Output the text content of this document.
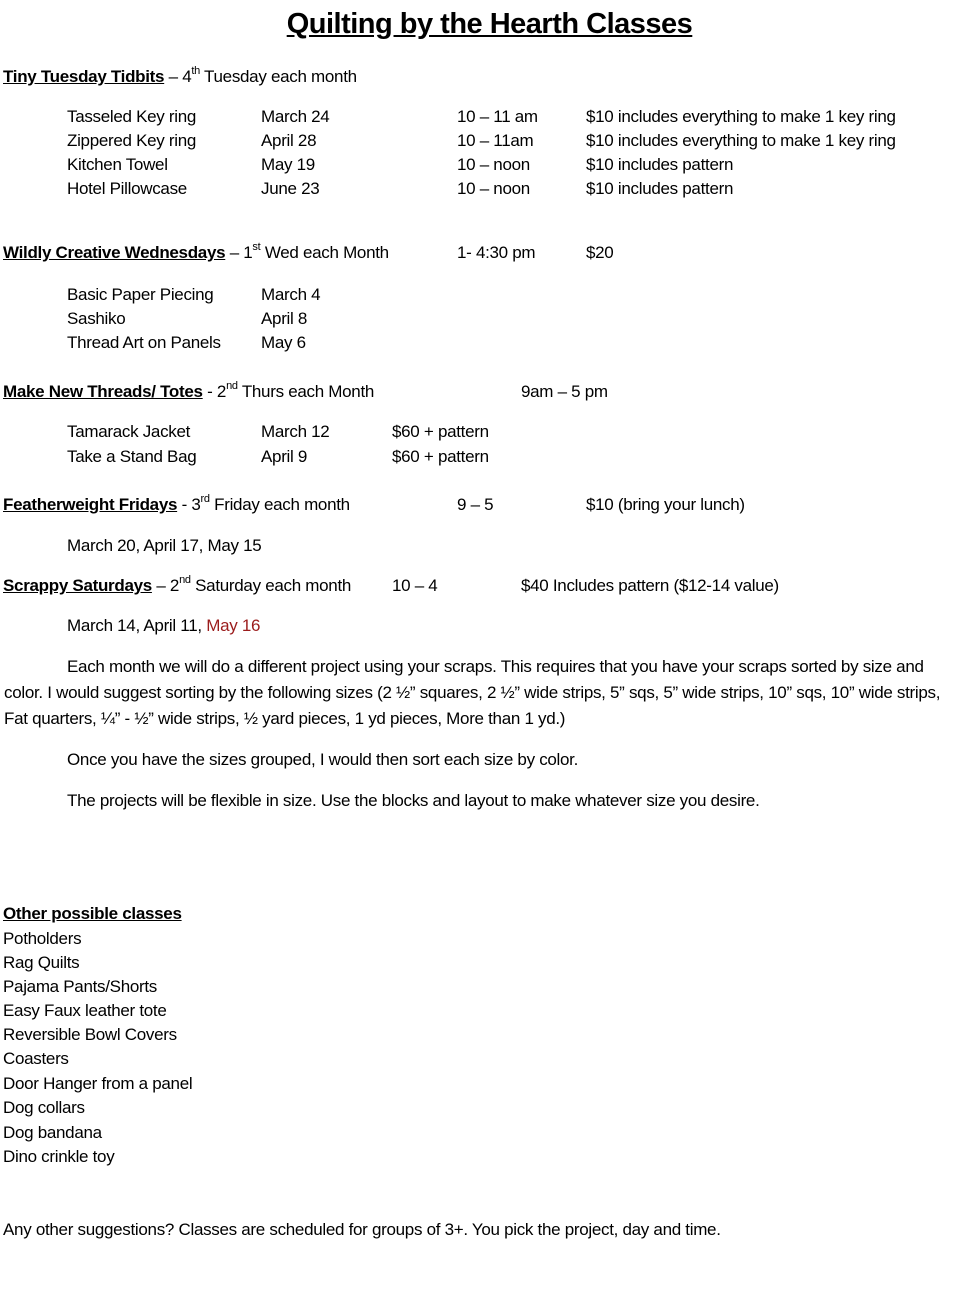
Quilting by the Hearth Classes
Tiny Tuesday Tidbits – 4th Tuesday each month
Tasseled Key ring	March 24	10 – 11 am	$10 includes everything to make 1 key ring
Zippered Key ring	April 28	10 – 11am	$10 includes everything to make 1 key ring
Kitchen Towel	May 19	10 – noon	$10 includes pattern
Hotel Pillowcase	June 23	10 – noon	$10 includes pattern
Wildly Creative Wednesdays – 1st Wed each Month	1- 4:30 pm	$20
Basic Paper Piecing	March 4
Sashiko	April 8
Thread Art on Panels May 6
Make New Threads/ Totes - 2nd Thurs each Month	9am – 5 pm
Tamarack Jacket	March 12	$60 + pattern
Take a Stand Bag	April 9	$60 + pattern
Featherweight Fridays - 3rd Friday each month	9 – 5	$10 (bring your lunch)
March 20, April 17, May 15
Scrappy Saturdays – 2nd Saturday each month 10 – 4	$40 Includes pattern ($12-14 value)
March 14, April 11, May 16
Each month we will do a different project using your scraps. This requires that you have your scraps sorted by size and color. I would suggest sorting by the following sizes (2 ½” squares, 2 ½” wide strips, 5” sqs, 5” wide strips, 10” sqs, 10” wide strips, Fat quarters, ¼” - ½” wide strips, ½ yard pieces, 1 yd pieces, More than 1 yd.)
Once you have the sizes grouped, I would then sort each size by color.
The projects will be flexible in size. Use the blocks and layout to make whatever size you desire.
Other possible classes
Potholders
Rag Quilts
Pajama Pants/Shorts
Easy Faux leather tote
Reversible Bowl Covers
Coasters
Door Hanger from a panel
Dog collars
Dog bandana
Dino crinkle toy
Any other suggestions? Classes are scheduled for groups of 3+. You pick the project, day and time.
